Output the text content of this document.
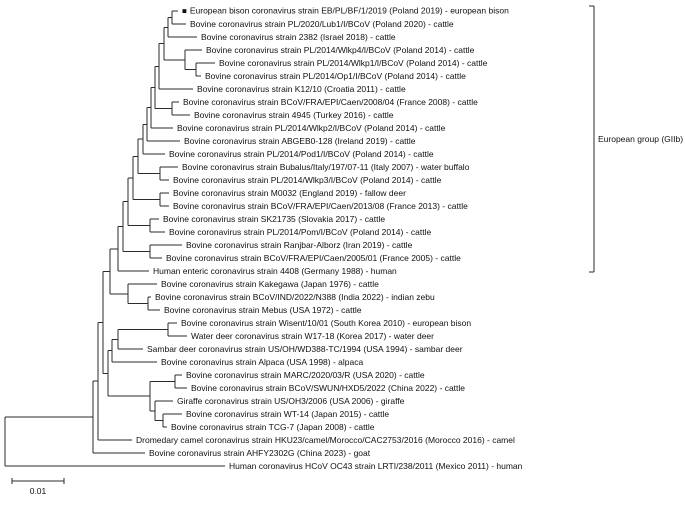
■ European bison coronavirus strain EB/PL/BF/1/2019 (Poland 2019) - european bison
Bovine coronavirus strain PL/2020/Lub1/I/BCoV (Poland 2020) - cattle
Bovine coronavirus strain 2382 (Israel 2018) - cattle
Bovine coronavirus strain PL/2014/Wlkp4/I/BCoV (Poland 2014) - cattle
Bovine coronavirus strain PL/2014/Wlkp1/I/BCoV (Poland 2014) - cattle
Bovine coronavirus strain PL/2014/Op1/I/BCoV (Poland 2014) - cattle
Bovine coronavirus strain K12/10 (Croatia 2011) - cattle
Bovine coronavirus strain BCoV/FRA/EPI/Caen/2008/04 (France 2008) - cattle
Bovine coronavirus strain 4945 (Turkey 2016) - cattle
Bovine coronavirus strain PL/2014/Wlkp2/I/BCoV (Poland 2014) - cattle
Bovine coronavirus strain ABGEB0-128 (Ireland 2019) - cattle
Bovine coronavirus strain PL/2014/Pod1/I/BCoV (Poland 2014) - cattle
Bovine coronavirus strain Bubalus/Italy/197/07-11 (Italy 2007) - water buffalo
Bovine coronavirus strain PL/2014/Wlkp3/I/BCoV (Poland 2014) - cattle
Bovine coronavirus strain M0032 (England 2019) - fallow deer
Bovine coronavirus strain BCoV/FRA/EPI/Caen/2013/08 (France 2013) - cattle
Bovine coronavirus strain SK21735 (Slovakia 2017) - cattle
Bovine coronavirus strain PL/2014/Pom/I/BCoV (Poland 2014) - cattle
Bovine coronavirus strain Ranjbar-Alborz (Iran 2019) - cattle
Bovine coronavirus strain BCoV/FRA/EPI/Caen/2005/01 (France 2005) - cattle
Human enteric coronavirus strain 4408 (Germany 1988) - human
Bovine coronavirus strain Kakegawa (Japan 1976) - cattle
Bovine coronavirus strain BCoV/IND/2022/N388 (India 2022) - indian zebu
Bovine coronavirus strain Mebus (USA 1972) - cattle
Bovine coronavirus strain Wisent/10/01 (South Korea 2010) - european bison
Water deer coronavirus strain W17-18 (Korea 2017) - water deer
Sambar deer coronavirus strain US/OH/WD388-TC/1994 (USA 1994) - sambar deer
Bovine coronavirus strain Alpaca (USA 1998) - alpaca
Bovine coronavirus strain MARC/2020/03/R (USA 2020) - cattle
Bovine coronavirus strain BCoV/SWUN/HXD5/2022 (China 2022) - cattle
Giraffe coronavirus strain US/OH3/2006 (USA 2006) - giraffe
Bovine coronavirus strain WT-14 (Japan 2015) - cattle
Bovine coronavirus strain TCG-7 (Japan 2008) - cattle
Dromedary camel coronavirus strain HKU23/camel/Morocco/CAC2753/2016 (Morocco 2016) - camel
Bovine coronavirus strain AHFY2302G (China 2023) - goat
Human coronavirus HCoV OC43 strain LRTI/238/2011 (Mexico 2011) - human
European group (GIIb)
0.01
